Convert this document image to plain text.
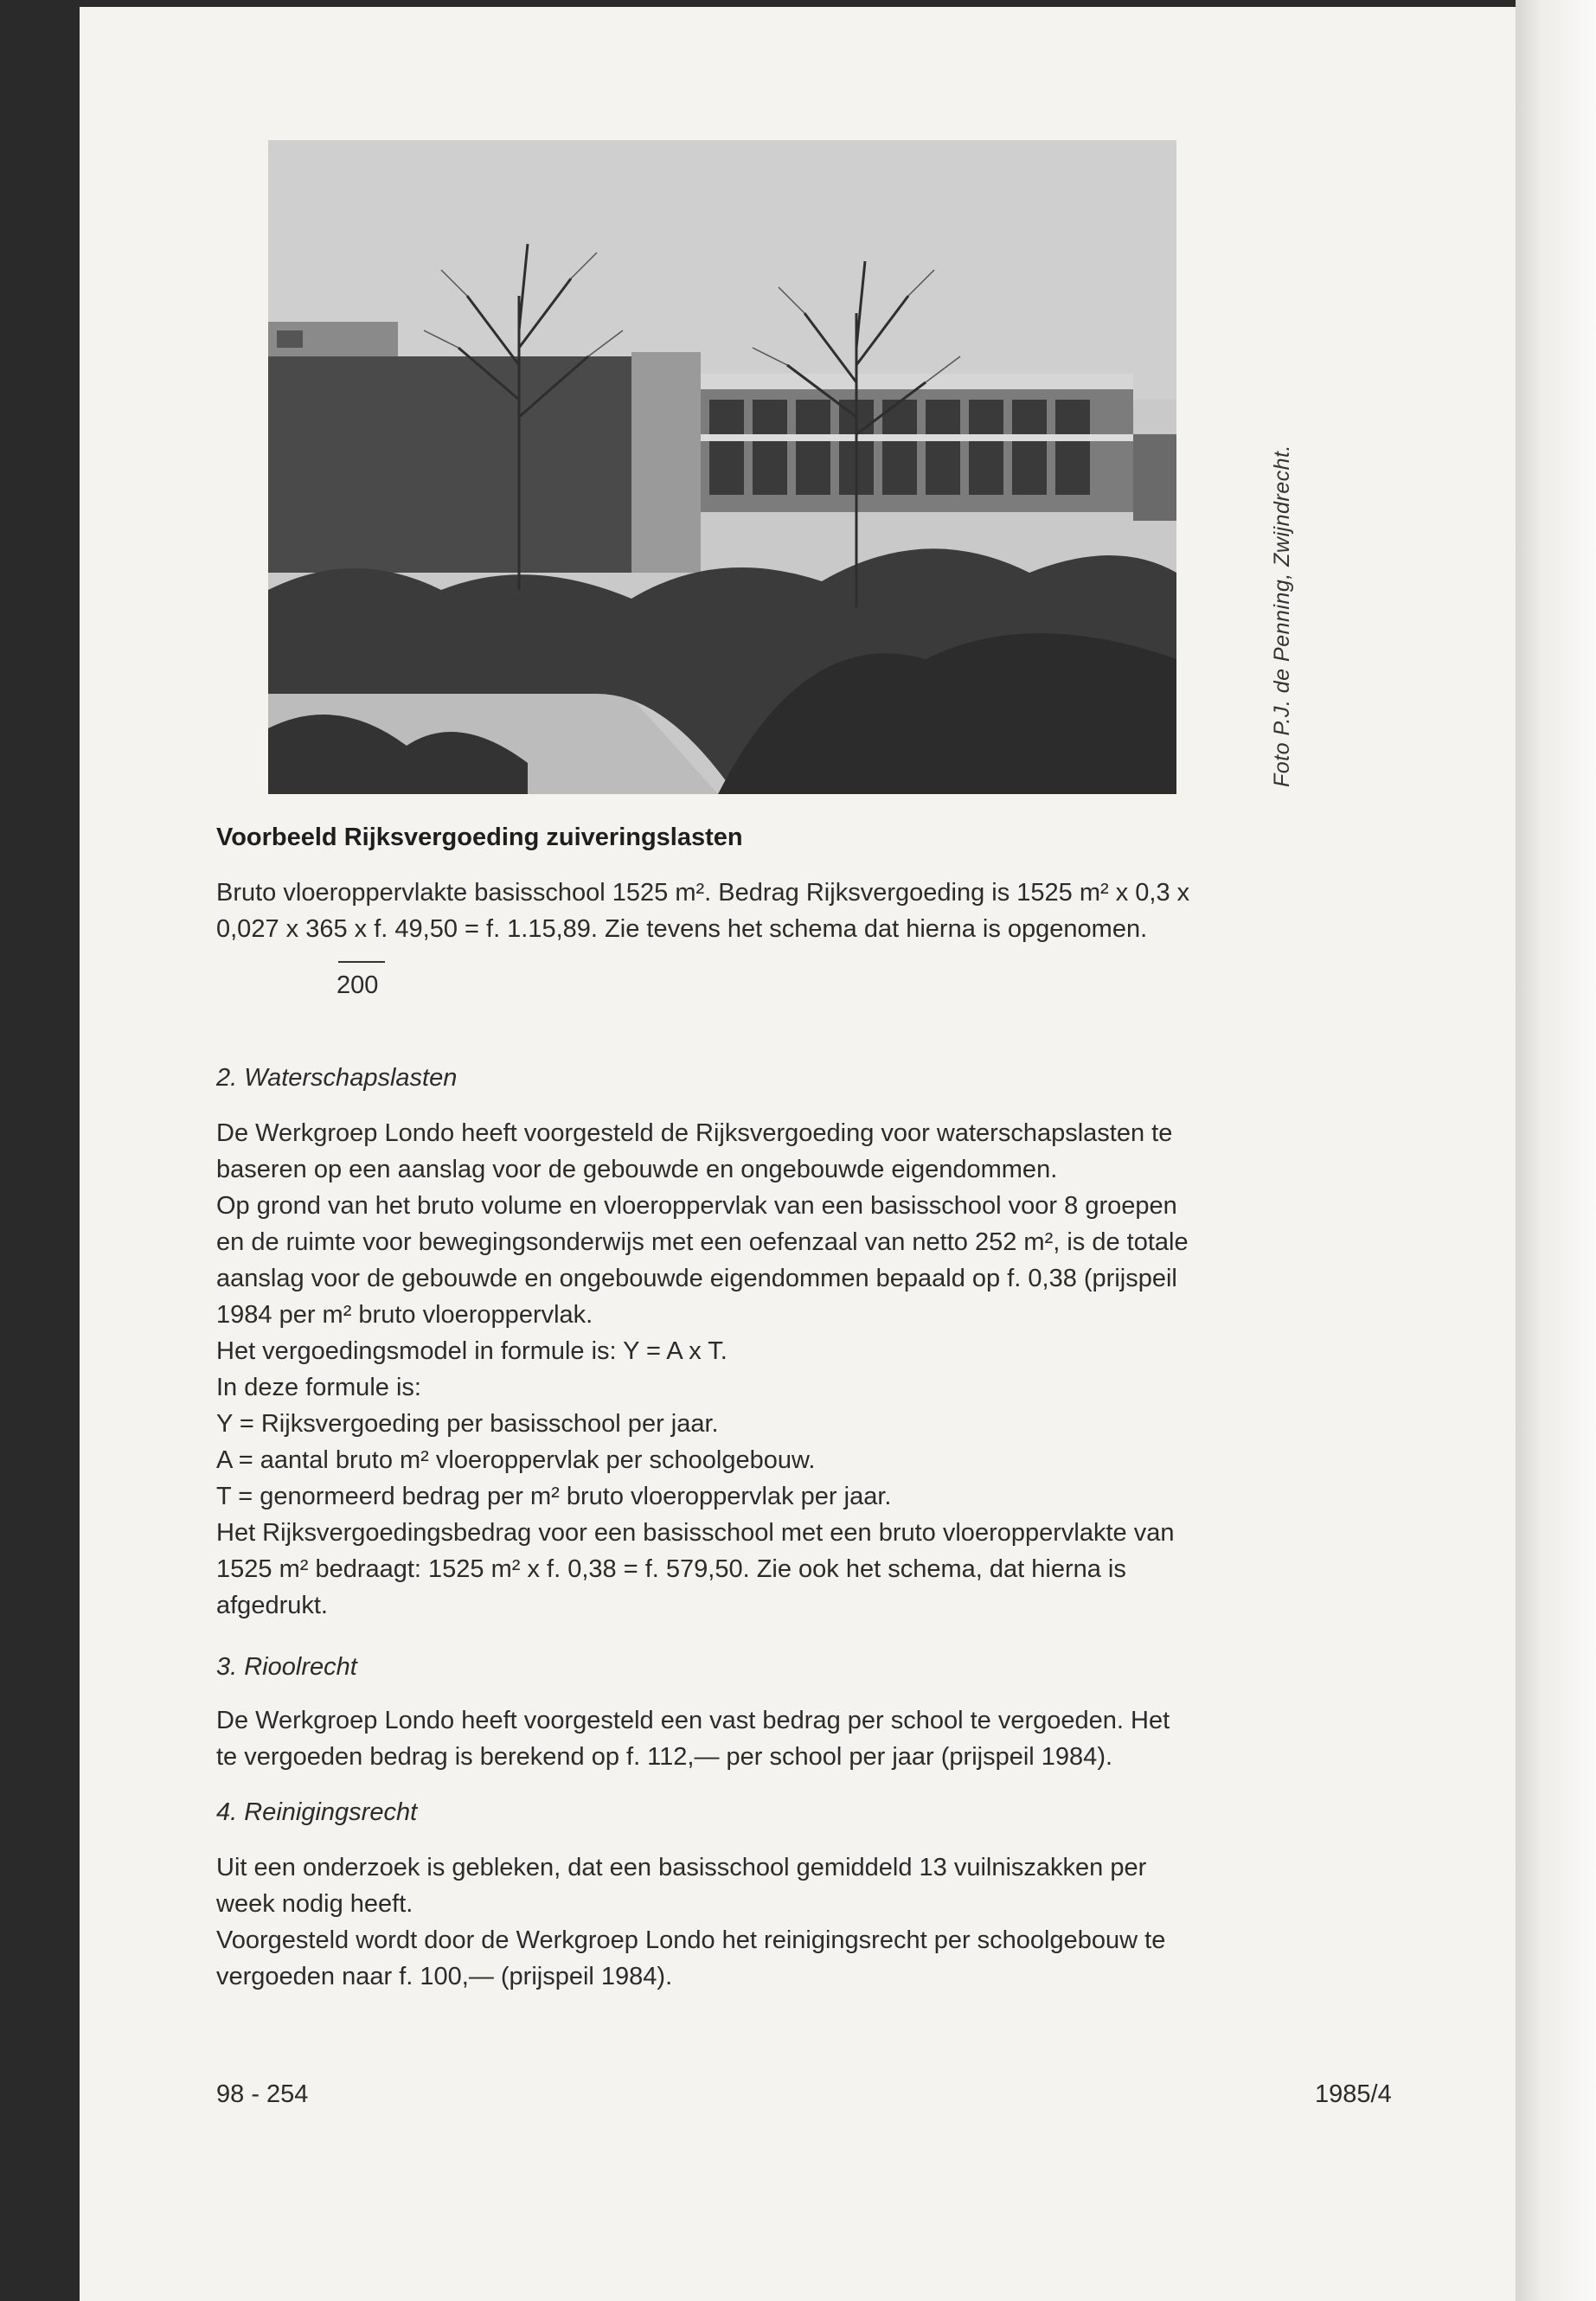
Foto P.J. de Penning, Zwijndrecht.
Voorbeeld Rijksvergoeding zuiveringslasten
Bruto vloeroppervlakte basisschool 1525 m². Bedrag Rijksvergoeding is 1525 m² x 0,3 x
0,027 x 365 x f. 49,50 = f. 1.15,89. Zie tevens het schema dat hierna is opgenomen.
200
2. Waterschapslasten
De Werkgroep Londo heeft voorgesteld de Rijksvergoeding voor waterschapslasten te
baseren op een aanslag voor de gebouwde en ongebouwde eigendommen.
Op grond van het bruto volume en vloeroppervlak van een basisschool voor 8 groepen
en de ruimte voor bewegingsonderwijs met een oefenzaal van netto 252 m², is de totale
aanslag voor de gebouwde en ongebouwde eigendommen bepaald op f. 0,38 (prijspeil
1984 per m² bruto vloeroppervlak.
Het vergoedingsmodel in formule is: Y = A x T.
In deze formule is:
Y = Rijksvergoeding per basisschool per jaar.
A = aantal bruto m² vloeroppervlak per schoolgebouw.
T = genormeerd bedrag per m² bruto vloeroppervlak per jaar.
Het Rijksvergoedingsbedrag voor een basisschool met een bruto vloeroppervlakte van
1525 m² bedraagt: 1525 m² x f. 0,38 = f. 579,50. Zie ook het schema, dat hierna is
afgedrukt.
3. Rioolrecht
De Werkgroep Londo heeft voorgesteld een vast bedrag per school te vergoeden. Het
te vergoeden bedrag is berekend op f. 112,— per school per jaar (prijspeil 1984).
4. Reinigingsrecht
Uit een onderzoek is gebleken, dat een basisschool gemiddeld 13 vuilniszakken per
week nodig heeft.
Voorgesteld wordt door de Werkgroep Londo het reinigingsrecht per schoolgebouw te
vergoeden naar f. 100,— (prijspeil 1984).
98 - 254	1985/4
